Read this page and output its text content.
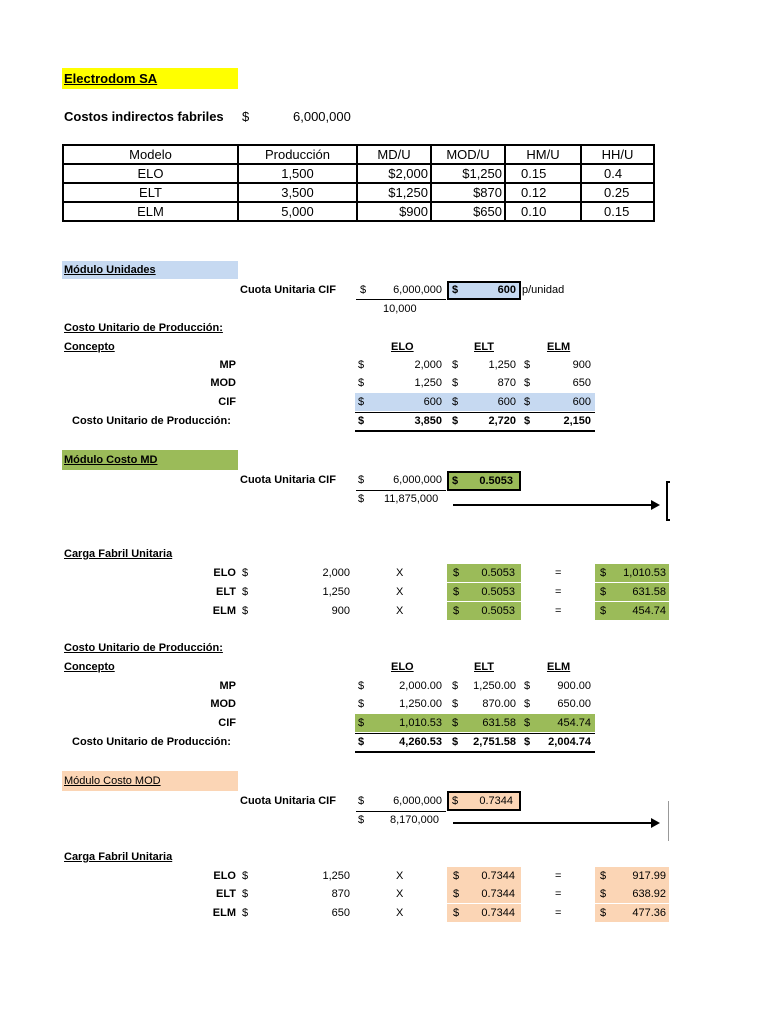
Electrodom SA
Costos indirectos fabriles $	6,000,000
Modelo	Producción	MD/U	MOD/U	HM/U	HH/U
ELO	1,500	$2,000	$1,250	0.15	0.4
ELT	3,500	$1,250	$870	0.12	0.25
ELM	5,000	$900	$650	0.10	0.15
Módulo Unidades
Cuota Unitaria CIF $	6,000,000 $	600 p/unidad
10,000
Costo Unitario de Producción:
Concepto	ELO	ELT	ELM
MP	$	2,000 $	1,250 $	900
MOD	$	1,250 $	870 $	650
CIF	$	600 $	600 $	600
Costo Unitario de Producción:	$	3,850 $	2,720 $	2,150
Módulo Costo MD
Cuota Unitaria CIF $	6,000,000 $ 0.5053
$ 11,875,000
Carga Fabril Unitaria
ELO $	2,000	X	$ 0.5053	=	$ 1,010.53
ELT $	1,250	X	$ 0.5053	=	$ 631.58
ELM $	900	X	$ 0.5053	=	$ 454.74
Costo Unitario de Producción:
Concepto	ELO	ELT	ELM
MP	$	2,000.00 $	1,250.00 $	900.00
MOD	$	1,250.00 $	870.00 $	650.00
CIF	$	1,010.53 $	631.58 $	454.74
Costo Unitario de Producción:	$	4,260.53 $	2,751.58 $	2,004.74
Módulo Costo MOD
Cuota Unitaria CIF $	6,000,000 $ 0.7344
$ 8,170,000
Carga Fabril Unitaria
ELO $	1,250	X	$ 0.7344	=	$ 917.99
ELT $	870	X	$ 0.7344	=	$ 638.92
ELM $	650	X	$ 0.7344	=	$ 477.36
